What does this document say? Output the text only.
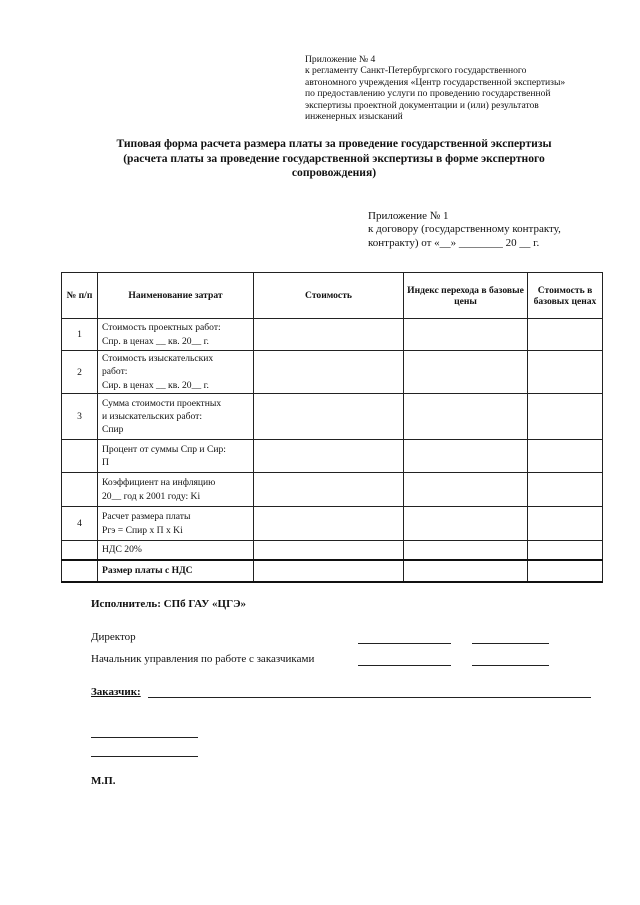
Приложение № 4
к регламенту Санкт-Петербургского государственного
автономного учреждения «Центр государственной экспертизы»
по предоставлению услуги по проведению государственной
экспертизы проектной документации и (или) результатов
инженерных изысканий
Типовая форма расчета размера платы за проведение государственной экспертизы
(расчета платы за проведение государственной экспертизы в форме экспертного
сопровождения)
Приложение № 1
к договору (государственному контракту,
контракту) от «__» ________ 20 __ г.
№ п/п	Наименование затрат	Стоимость	Индекс перехода в базовые цены	Стоимость в базовых ценах
1	Стоимость проектных работ:
Спр. в ценах __ кв. 20__ г.			

2	Стоимость изыскательских
работ:
Сир. в ценах __ кв. 20__ г.			

3	Сумма стоимости проектных
и изыскательских работ:
Спир			

	Процент от суммы Спр и Сир:
П			

	Коэффициент на инфляцию
20__ год к 2001 году: Ki			

4	Расчет размера платы
Ргэ = Спир х П х Ki			

	НДС 20%			

	Размер платы с НДС			
Исполнитель: СПб ГАУ «ЦГЭ»
Директор
Начальник управления по работе с заказчиками
Заказчик:
М.П.
